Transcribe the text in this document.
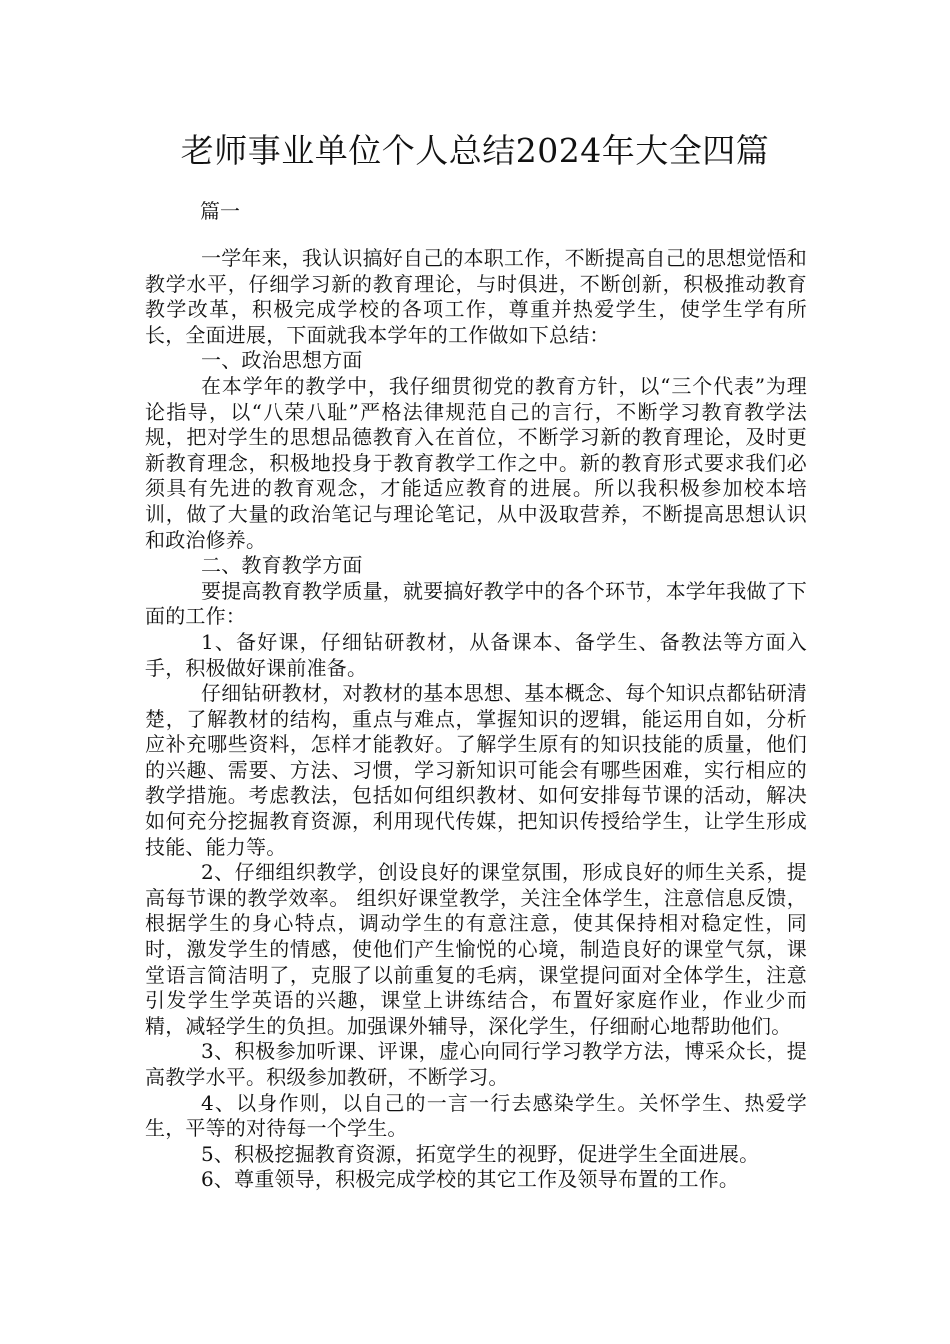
老师事业单位个人总结2024年大全四篇

篇一

一学年来，我认识搞好自己的本职工作，不断提高自己的思想觉悟和教学水平，仔细学习新的教育理论，与时俱进，不断创新，积极推动教育教学改革，积极完成学校的各项工作，尊重并热爱学生，使学生学有所长，全面进展，下面就我本学年的工作做如下总结：

一、政治思想方面

在本学年的教学中，我仔细贯彻党的教育方针，以“三个代表”为理论指导，以“八荣八耻”严格法律规范自己的言行，不断学习教育教学法规，把对学生的思想品德教育入在首位，不断学习新的教育理论，及时更新教育理念，积极地投身于教育教学工作之中。新的教育形式要求我们必须具有先进的教育观念，才能适应教育的进展。所以我积极参加校本培训，做了大量的政治笔记与理论笔记，从中汲取营养，不断提高思想认识和政治修养。

二、教育教学方面

要提高教育教学质量，就要搞好教学中的各个环节，本学年我做了下面的工作：

1、备好课，仔细钻研教材，从备课本、备学生、备教法等方面入手，积极做好课前准备。

仔细钻研教材，对教材的基本思想、基本概念、每个知识点都钻研清楚，了解教材的结构，重点与难点，掌握知识的逻辑，能运用自如，分析应补充哪些资料，怎样才能教好。了解学生原有的知识技能的质量，他们的兴趣、需要、方法、习惯，学习新知识可能会有哪些困难，实行相应的教学措施。考虑教法，包括如何组织教材、如何安排每节课的活动，解决如何充分挖掘教育资源，利用现代传媒，把知识传授给学生，让学生形成技能、能力等。

2、仔细组织教学，创设良好的课堂氛围，形成良好的师生关系，提高每节课的教学效率。 组织好课堂教学，关注全体学生，注意信息反馈，根据学生的身心特点，调动学生的有意注意，使其保持相对稳定性，同时，激发学生的情感，使他们产生愉悦的心境，制造良好的课堂气氛，课堂语言简洁明了，克服了以前重复的毛病，课堂提问面对全体学生，注意引发学生学英语的兴趣，课堂上讲练结合，布置好家庭作业，作业少而精，减轻学生的负担。加强课外辅导，深化学生，仔细耐心地帮助他们。

3、积极参加听课、评课，虚心向同行学习教学方法，博采众长，提高教学水平。积级参加教研，不断学习。

4、以身作则，以自己的一言一行去感染学生。关怀学生、热爱学生，平等的对待每一个学生。

5、积极挖掘教育资源，拓宽学生的视野，促进学生全面进展。

6、尊重领导，积极完成学校的其它工作及领导布置的工作。
